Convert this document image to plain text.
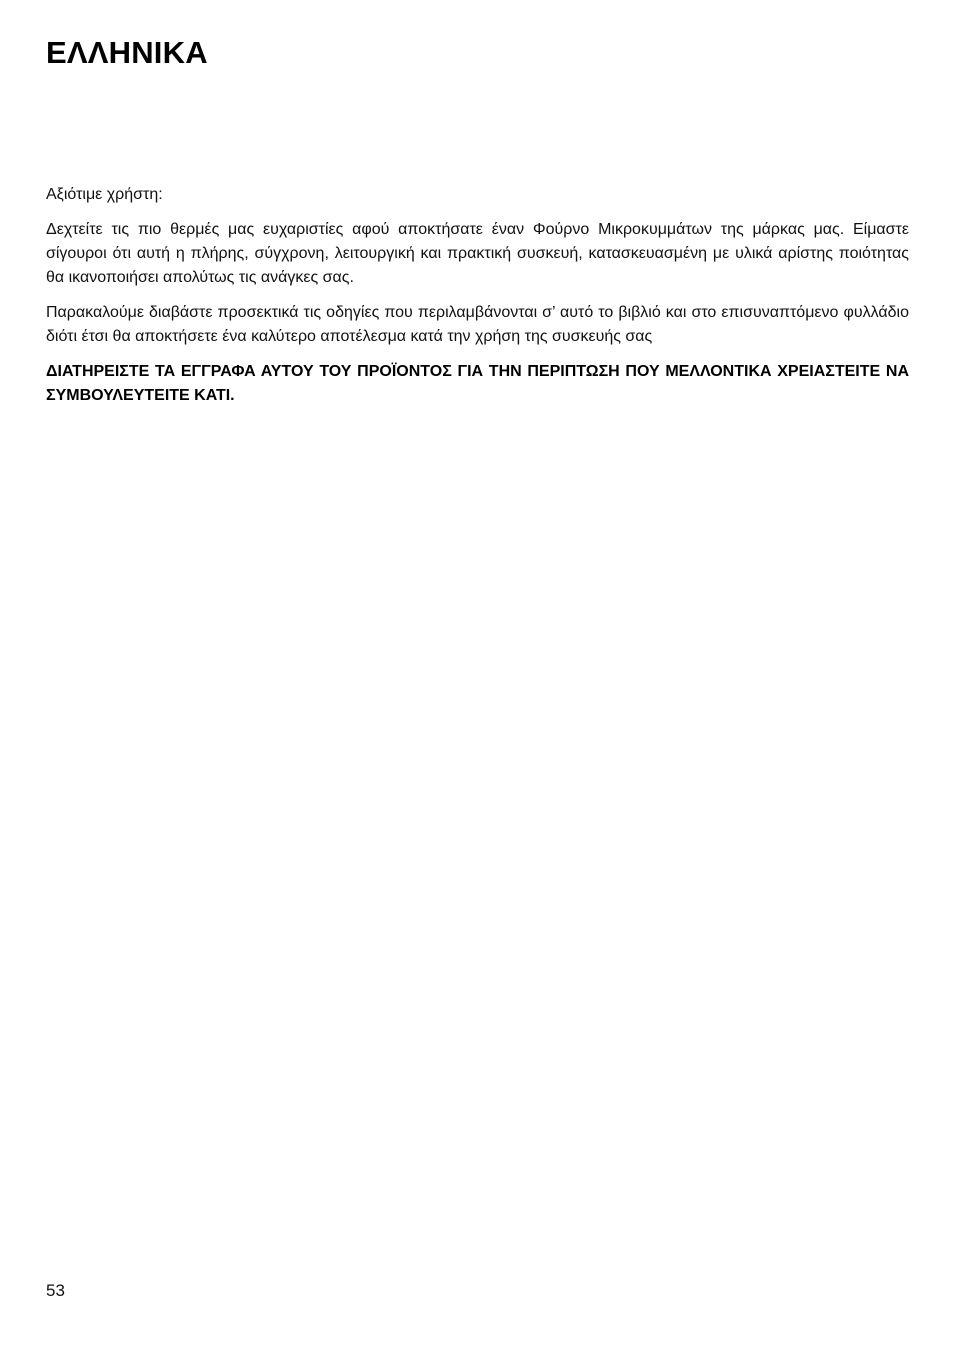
ΕΛΛΗΝΙΚΑ

Αξιότιμε χρήστη:

Δεχτείτε τις πιο θερμές μας ευχαριστίες αφού αποκτήσατε έναν Φούρνο Μικροκυμμάτων της μάρκας μας. Είμαστε σίγουροι ότι αυτή η πλήρης, σύγχρονη, λειτουργική και πρακτική συσκευή, κατασκευασμένη με υλικά αρίστης ποιότητας θα ικανοποιήσει απολύτως τις ανάγκες σας.

Παρακαλούμε διαβάστε προσεκτικά τις οδηγίες που περιλαμβάνονται σ’ αυτό το βιβλιό και στο επισυναπτόμενο φυλλάδιο διότι έτσι θα αποκτήσετε ένα καλύτερο αποτέλεσμα κατά την χρήση της συσκευής σας

ΔΙΑΤΗΡΕΙΣΤΕ ΤΑ ΕΓΓΡΑΦΑ ΑΥΤΟΥ ΤΟΥ ΠΡΟΪΟΝΤΟΣ ΓΙΑ ΤΗΝ ΠΕΡΙΠΤΩΣΗ ΠΟΥ ΜΕΛΛΟΝΤΙΚΑ ΧΡΕΙΑΣΤΕΙΤΕ ΝΑ ΣΥΜΒΟΥΛΕΥΤΕΙΤΕ ΚΑΤΙ.

53
